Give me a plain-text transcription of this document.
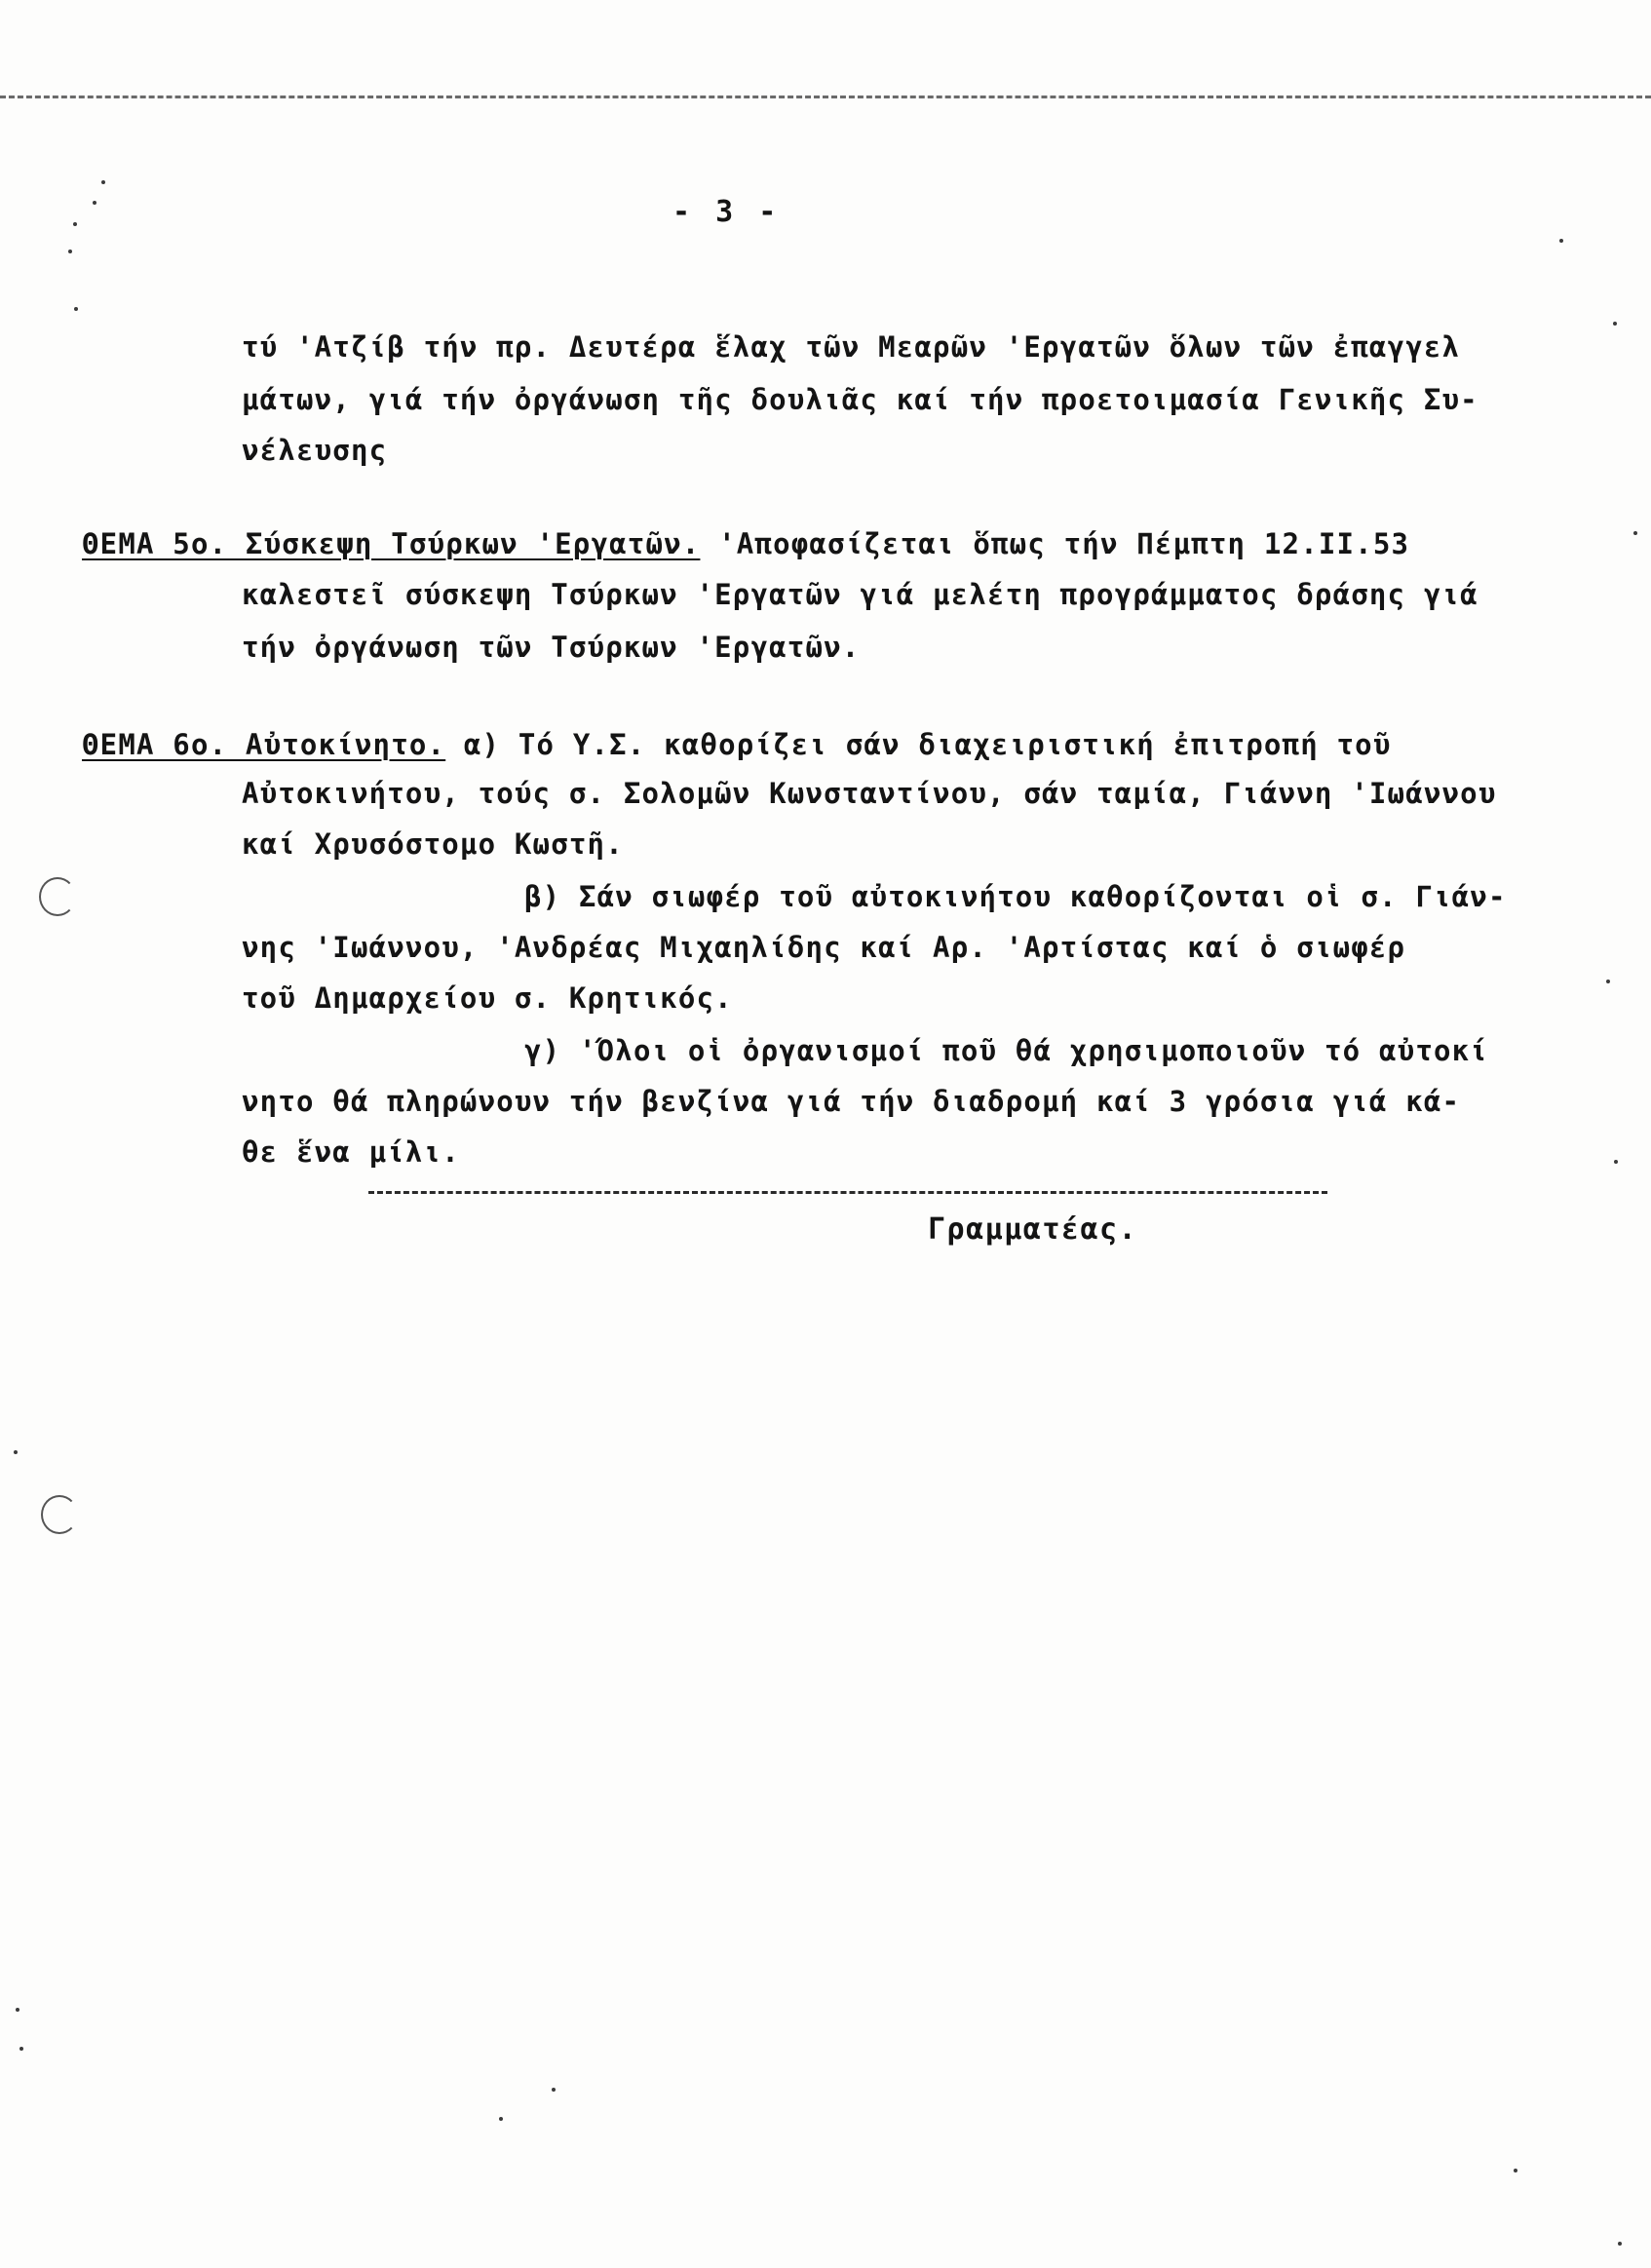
- 3 -
τύ 'Ατζίβ τήν πρ. Δευτέρα ἕλαχ τῶν Μεαρῶν 'Εργατῶν ὅλων τῶν ἐπαγγελ
μάτων, γιά τήν ὀργάνωση τῆς δουλιᾶς καί τήν προετοιμασία Γενικῆς Συ-
νέλευσης
ΘΕΜΑ 5ο. Σύσκεψη Τσύρκων 'Εργατῶν. 'Αποφασίζεται ὅπως τήν Πέμπτη 12.ΙΙ.53
καλεστεῖ σύσκεψη Τσύρκων 'Εργατῶν γιά μελέτη προγράμματος δράσης γιά
τήν ὀργάνωση τῶν Τσύρκων 'Εργατῶν.
ΘΕΜΑ 6ο. Αὐτοκίνητο. α) Τό Υ.Σ. καθορίζει σάν διαχειριστική ἐπιτροπή τοῦ
Αὐτοκινήτου, τούς σ. Σολομῶν Κωνσταντίνου, σάν ταμία, Γιάννη 'Ιωάννου
καί Χρυσόστομο Κωστῆ.
β) Σάν σιωφέρ τοῦ αὐτοκινήτου καθορίζονται οἱ σ. Γιάν-
νης 'Ιωάννου, 'Ανδρέας Μιχαηλίδης καί Αρ. 'Αρτίστας καί ὁ σιωφέρ
τοῦ Δημαρχείου σ. Κρητικός.
γ) 'Όλοι οἱ ὀργανισμοί ποῦ θά χρησιμοποιοῦν τό αὐτοκί
νητο θά πληρώνουν τήν βενζίνα γιά τήν διαδρομή καί 3 γρόσια γιά κά-
θε ἕνα μίλι.
Γραμματέας.
